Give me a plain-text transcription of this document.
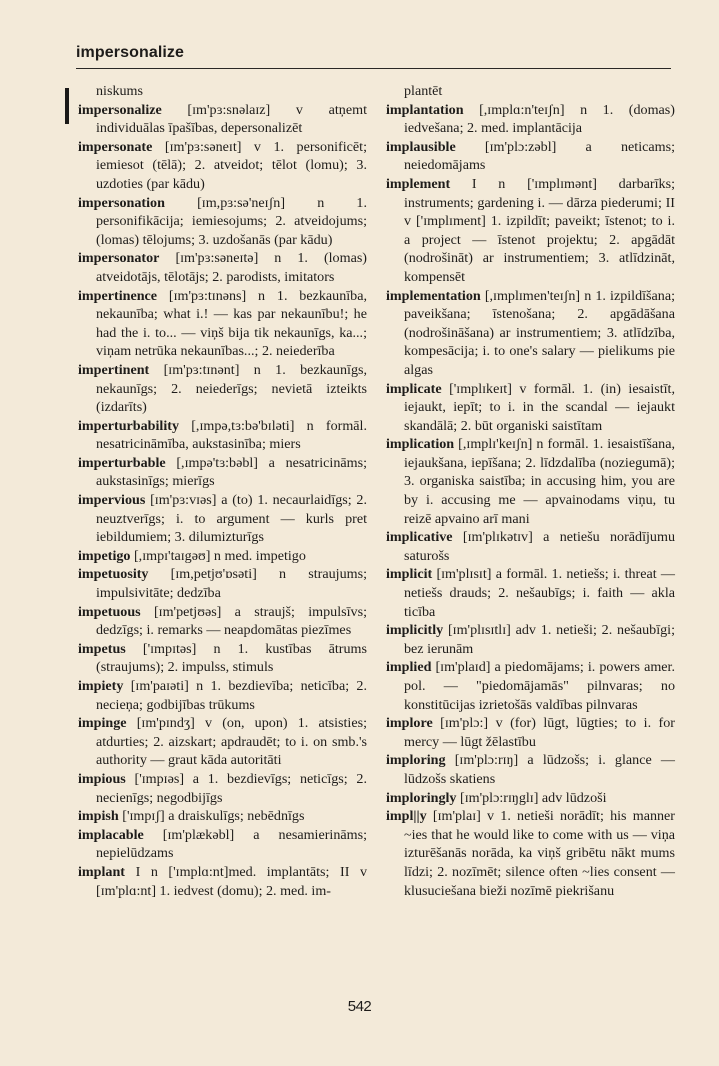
impersonalize
niskums
impersonalize [ɪm'pɜ:snəlaɪz] v atņemt individuālas īpašības, depersonalizēt
impersonate [ɪm'pɜ:səneɪt] v 1. personificēt; iemiesot (tēlā); 2. atveidot; tēlot (lomu); 3. uzdoties (par kādu)
impersonation [ɪm,pɜ:sə'neɪʃn] n 1. personifikācija; iemiesojums; 2. atveidojums; (lomas) tēlojums; 3. uzdošanās (par kādu)
impersonator [ɪm'pɜ:səneɪtə] n 1. (lomas) atveidotājs, tēlotājs; 2. parodists, imitators
impertinence [ɪm'pɜ:tɪnəns] n 1. bezkaunība, nekaunība; what i.! — kas par nekaunību!; he had the i. to... — viņš bija tik nekaunīgs, ka...; viņam netrūka nekaunības...; 2. neiederība
impertinent [ɪm'pɜ:tɪnənt] n 1. bezkaunīgs, nekaunīgs; 2. neiederīgs; nevietā izteikts (izdarīts)
imperturbability [,ɪmpə,tɜ:bə'bɪləti] n formāl. nesatricināmība, aukstasinība; miers
imperturbable [,ɪmpə'tɜ:bəbl] a nesatricināms; aukstasinīgs; mierīgs
impervious [ɪm'pɜ:vɪəs] a (to) 1. necaurlaidīgs; 2. neuztverīgs; i. to argument — kurls pret iebildumiem; 3. dilumizturīgs
impetigo [,ɪmpɪ'taɪgəʊ] n med. impetigo
impetuosity [ɪm,petjʊ'ɒsəti] n straujums; impulsivitāte; dedzība
impetuous [ɪm'petjʊəs] a straujš; impulsīvs; dedzīgs; i. remarks — neapdomātas piezīmes
impetus ['ɪmpɪtəs] n 1. kustības ātrums (straujums); 2. impulss, stimuls
impiety [ɪm'paɪəti] n 1. bezdievība; neticība; 2. necieņa; godbijības trūkums
impinge [ɪm'pɪndʒ] v (on, upon) 1. atsisties; atdurties; 2. aizskart; apdraudēt; to i. on smb.'s authority — graut kāda autoritāti
impious ['ɪmpɪəs] a 1. bezdievīgs; neticīgs; 2. necienīgs; negodbijīgs
impish ['ɪmpɪʃ] a draiskulīgs; nebēdnīgs
implacable [ɪm'plækəbl] a nesamierināms; nepielūdzams
implant I n ['ɪmplɑ:nt]med. implantāts; II v [ɪm'plɑ:nt] 1. iedvest (domu); 2. med. im-
plantēt
implantation [,ɪmplɑ:n'teɪʃn] n 1. (domas) iedvešana; 2. med. implantācija
implausible [ɪm'plɔ:zəbl] a neticams; neiedomājams
implement I n ['ɪmplɪmənt] darbarīks; instruments; gardening i. — dārza piederumi; II v ['ɪmplɪment] 1. izpildīt; paveikt; īstenot; to i. a project — īstenot projektu; 2. apgādāt (nodrošināt) ar instrumentiem; 3. atlīdzināt, kompensēt
implementation [,ɪmplɪmen'teɪʃn] n 1. izpildīšana; paveikšana; īstenošana; 2. apgādāšana (nodrošināšana) ar instrumentiem; 3. atlīdzība, kompesācija; i. to one's salary — pielikums pie algas
implicate ['ɪmplɪkeɪt] v formāl. 1. (in) iesaistīt, iejaukt, iepīt; to i. in the scandal — iejaukt skandālā; 2. būt organiski saistītam
implication [,ɪmplɪ'keɪʃn] n formāl. 1. iesaistīšana, iejaukšana, iepīšana; 2. līdzdalība (noziegumā); 3. organiska saistība; in accusing him, you are by i. accusing me — apvainodams viņu, tu reizē apvaino arī mani
implicative [ɪm'plɪkətɪv] a netiešu norādījumu saturošs
implicit [ɪm'plɪsɪt] a formāl. 1. netiešs; i. threat — netiešs drauds; 2. nešaubīgs; i. faith — akla ticība
implicitly [ɪm'plɪsɪtlɪ] adv 1. netieši; 2. nešaubīgi; bez ierunām
implied [ɪm'plaɪd] a piedomājams; i. powers amer. pol. — "piedomājamās" pilnvaras; no konstitūcijas izrietošās valdības pilnvaras
implore [ɪm'plɔ:] v (for) lūgt, lūgties; to i. for mercy — lūgt žēlastību
imploring [ɪm'plɔ:rɪŋ] a lūdzošs; i. glance — lūdzošs skatiens
imploringly [ɪm'plɔ:rɪŋglɪ] adv lūdzoši
impl||y [ɪm'plaɪ] v 1. netieši norādīt; his manner ~ies that he would like to come with us — viņa izturēšanās norāda, ka viņš gribētu nākt mums līdzi; 2. nozīmēt; silence often ~lies consent — klusuciešana bieži nozīmē piekrišanu
542
